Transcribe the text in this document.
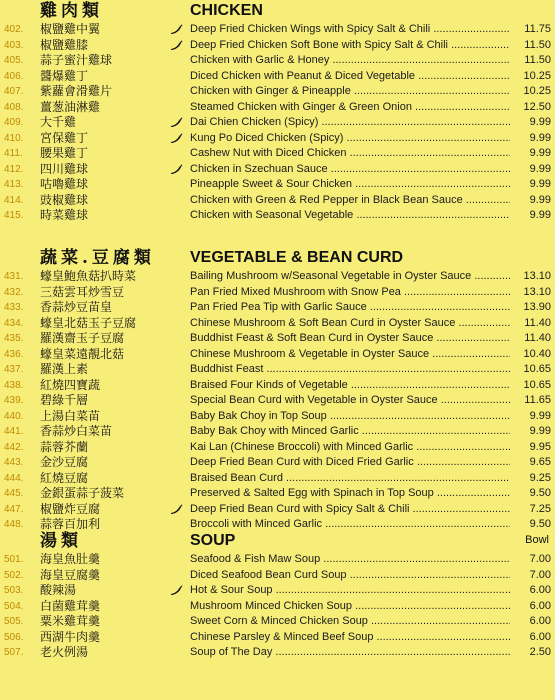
雞肉類	CHICKEN
402.	椒鹽雞中翼	Deep Fried Chicken Wings with Spicy Salt & Chili .....	11.75
403.	椒鹽雞膝	Deep Fried Chicken Soft Bone with Spicy Salt & Chili .....	11.50
405.	蒜子蜜汁雞球	Chicken with Garlic & Honey .....	11.50
406.	醬爆雞丁	Diced Chicken with Peanut & Diced Vegetable .....	10.25
407.	紫蘿會滑雞片	Chicken with Ginger & Pineapple .....	10.25
408.	薑葱油淋雞	Steamed Chicken with Ginger & Green Onion .....	12.50
409.	大千雞	Dai Chien Chicken (Spicy) .....	9.99
410.	宮保雞丁	Kung Po Diced Chicken (Spicy) .....	9.99
411.	腰果雞丁	Cashew Nut with Diced Chicken .....	9.99
412.	四川雞球	Chicken in Szechuan Sauce .....	9.99
413.	咕嚕雞球	Pineapple Sweet & Sour Chicken .....	9.99
414.	豉椒雞球	Chicken with Green & Red Pepper in Black Bean Sauce .....	9.99
415.	時菜雞球	Chicken with Seasonal Vegetable .....	9.99
蔬菜.豆腐類 VEGETABLE & BEAN CURD
431.	蠔皇鮑魚菇扒時菜	Bailing Mushroom w/Seasonal Vegetable in Oyster Sauce .....	13.10
432.	三菇雲耳炒雪豆	Pan Fried Mixed Mushroom with Snow Pea .....	13.10
433.	香蒜炒豆苗皇	Pan Fried Pea Tip with Garlic Sauce .....	13.90
434.	蠔皇北菇玉子豆腐	Chinese Mushroom & Soft Bean Curd in Oyster Sauce .....	11.40
435.	羅漢齋玉子豆腐	Buddhist Feast & Soft Bean Curd in Oyster Sauce .....	11.40
436.	蠔皇菜遠靚北菇	Chinese Mushroom & Vegetable in Oyster Sauce .....	10.40
437.	羅漢上素	Buddhist Feast .....	10.65
438.	紅燒四寶蔬	Braised Four Kinds of Vegetable .....	10.65
439.	碧綠千層	Special Bean Curd with Vegetable in Oyster Sauce .....	11.65
440.	上湯白菜苗	Baby Bak Choy in Top Soup .....	9.99
441.	香蒜炒白菜苗	Baby Bak Choy with Minced Garlic .....	9.99
442.	蒜蓉芥蘭	Kai Lan (Chinese Broccoli) with Minced Garlic .....	9.95
443.	金沙豆腐	Deep Fried Bean Curd with Diced Fried Garlic .....	9.65
444.	紅燒豆腐	Braised Bean Curd .....	9.25
445.	金銀蛋蒜子菠菜	Preserved & Salted Egg with Spinach in Top Soup .....	9.50
447.	椒鹽炸豆腐	Deep Fried Bean Curd with Spicy Salt & Chili .....	7.25
448.	蒜蓉百加利	Broccoli with Minced Garlic .....	9.50
湯類	SOUP	Bowl
501.	海皇魚肚羹	Seafood & Fish Maw Soup .....	7.00
502.	海皇豆腐羹	Diced Seafood Bean Curd Soup .....	7.00
503.	酸辣湯	Hot & Sour Soup .....	6.00
504.	白菌雞茸羹	Mushroom Minced Chicken Soup .....	6.00
505.	粟米雞茸羹	Sweet Corn & Minced Chicken Soup .....	6.00
506.	西湖牛肉羹	Chinese Parsley & Minced Beef Soup .....	6.00
507.	老火例湯	Soup of The Day .....	2.50
